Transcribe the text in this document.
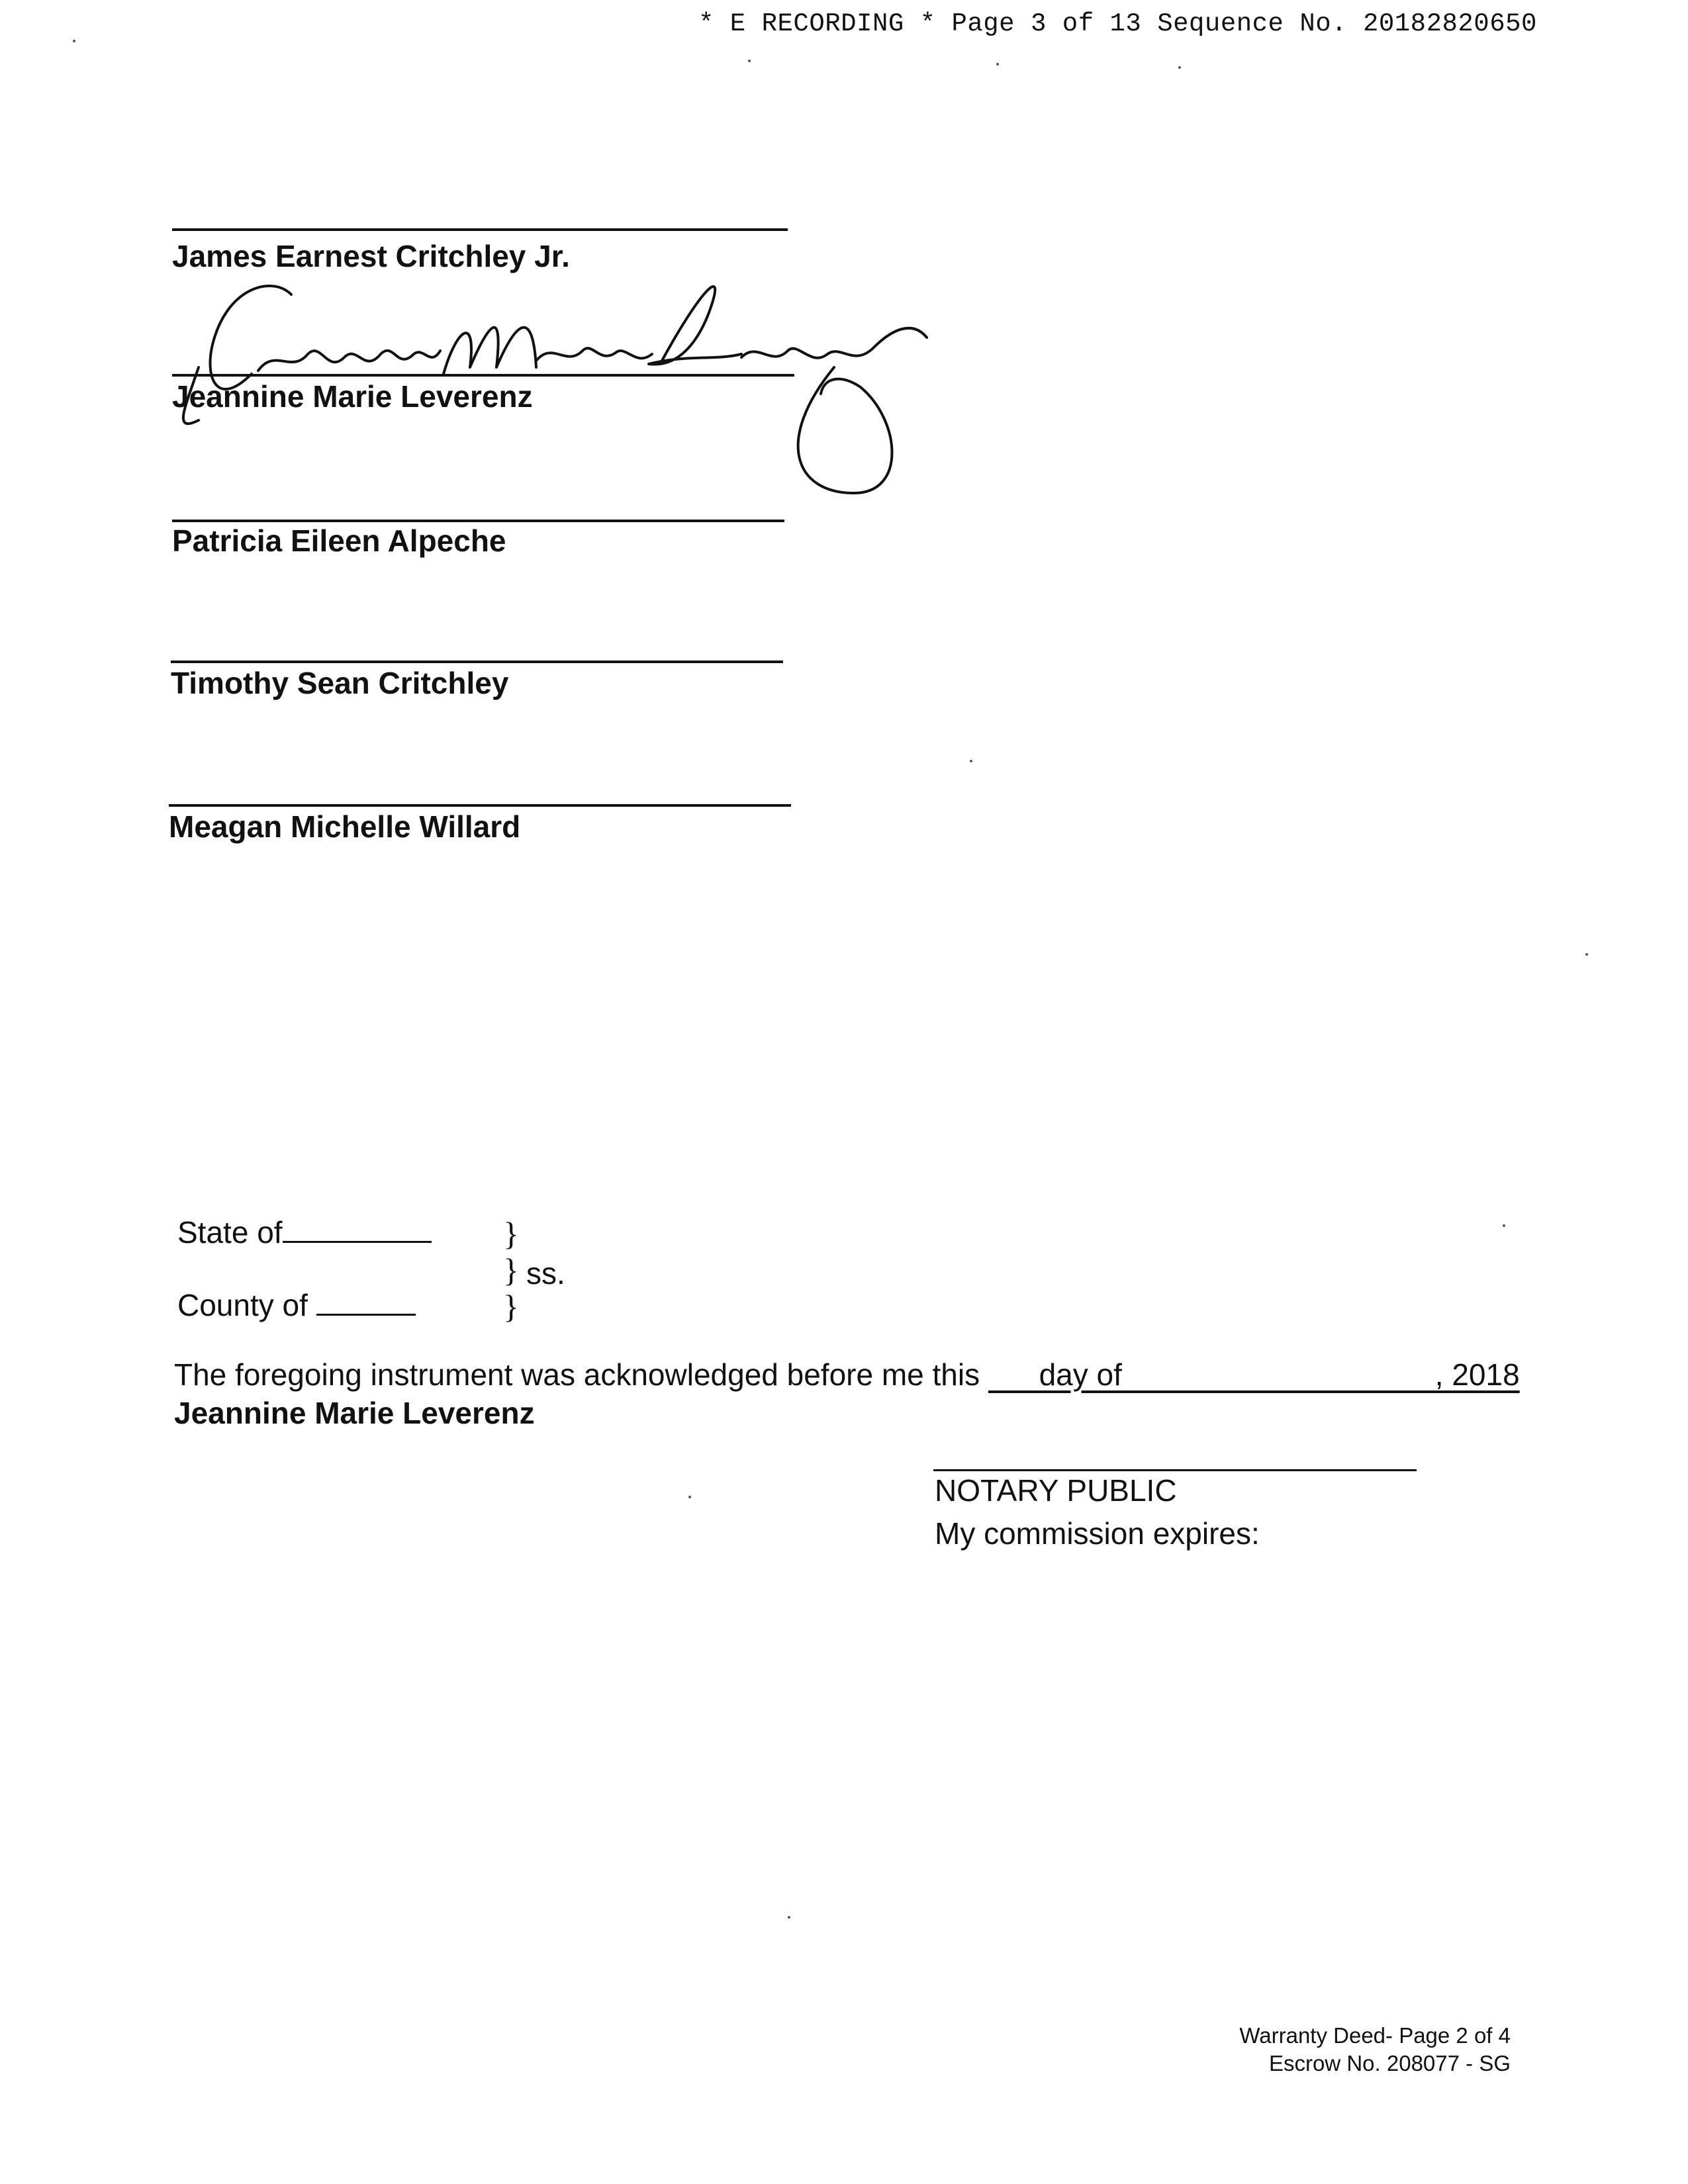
* E RECORDING * Page 3 of 13 Sequence No. 20182820650
James Earnest Critchley Jr.
Jeannine Marie Leverenz
Patricia Eileen Alpeche
Timothy Sean Critchley
Meagan Michelle Willard
State of
County of
}
} ss.
}
The foregoing instrument was acknowledged before me this day of	, 2018
Jeannine Marie Leverenz
NOTARY PUBLIC
My commission expires:
Warranty Deed- Page 2 of 4
Escrow No. 208077 - SG
